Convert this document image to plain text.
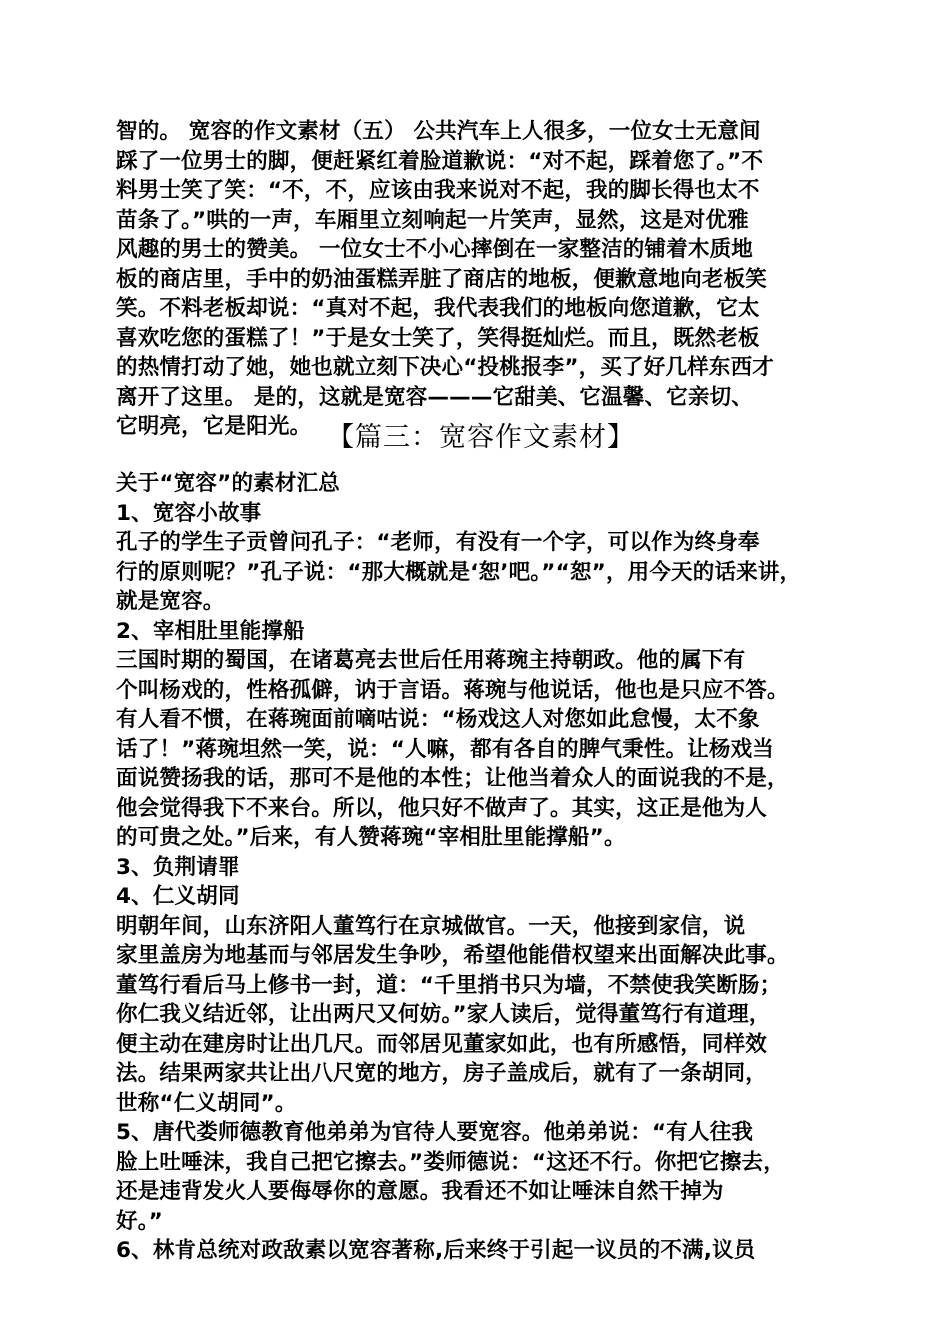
智的。 宽容的作文素材（五） 公共汽车上人很多，一位女士无意间
踩了一位男士的脚，便赶紧红着脸道歉说：“对不起，踩着您了。”不
料男士笑了笑：“不，不，应该由我来说对不起，我的脚长得也太不
苗条了。”哄的一声，车厢里立刻响起一片笑声，显然，这是对优雅
风趣的男士的赞美。 一位女士不小心摔倒在一家整洁的铺着木质地
板的商店里，手中的奶油蛋糕弄脏了商店的地板，便歉意地向老板笑
笑。不料老板却说：“真对不起，我代表我们的地板向您道歉，它太
喜欢吃您的蛋糕了！”于是女士笑了，笑得挺灿烂。而且，既然老板
的热情打动了她，她也就立刻下决心“投桃报李”，买了好几样东西才
离开了这里。 是的，这就是宽容———它甜美、它温馨、它亲切、
它明亮，它是阳光。 【篇三：宽容作文素材】

关于“宽容”的素材汇总
1、宽容小故事
孔子的学生子贡曾问孔子：“老师，有没有一个字，可以作为终身奉
行的原则呢？”孔子说：“那大概就是‘恕’吧。”“恕”，用今天的话来讲，
就是宽容。
2、宰相肚里能撑船
三国时期的蜀国，在诸葛亮去世后任用蒋琬主持朝政。他的属下有
个叫杨戏的，性格孤僻，讷于言语。蒋琬与他说话，他也是只应不答。
有人看不惯，在蒋琬面前嘀咕说：“杨戏这人对您如此怠慢，太不象
话了！”蒋琬坦然一笑，说：“人嘛，都有各自的脾气秉性。让杨戏当
面说赞扬我的话，那可不是他的本性；让他当着众人的面说我的不是，
他会觉得我下不来台。所以，他只好不做声了。其实，这正是他为人
的可贵之处。”后来，有人赞蒋琬“宰相肚里能撑船”。
3、负荆请罪
4、仁义胡同
明朝年间，山东济阳人董笃行在京城做官。一天，他接到家信，说
家里盖房为地基而与邻居发生争吵，希望他能借权望来出面解决此事。
董笃行看后马上修书一封，道：“千里捎书只为墙，不禁使我笑断肠；
你仁我义结近邻，让出两尺又何妨。”家人读后，觉得董笃行有道理，
便主动在建房时让出几尺。而邻居见董家如此，也有所感悟，同样效
法。结果两家共让出八尺宽的地方，房子盖成后，就有了一条胡同，
世称“仁义胡同”。
5、唐代娄师德教育他弟弟为官待人要宽容。他弟弟说：“有人往我
脸上吐唾沫，我自己把它擦去。”娄师德说：“这还不行。你把它擦去，
还是违背发火人要侮辱你的意愿。我看还不如让唾沫自然干掉为
好。”
6、林肯总统对政敌素以宽容著称,后来终于引起一议员的不满,议员
